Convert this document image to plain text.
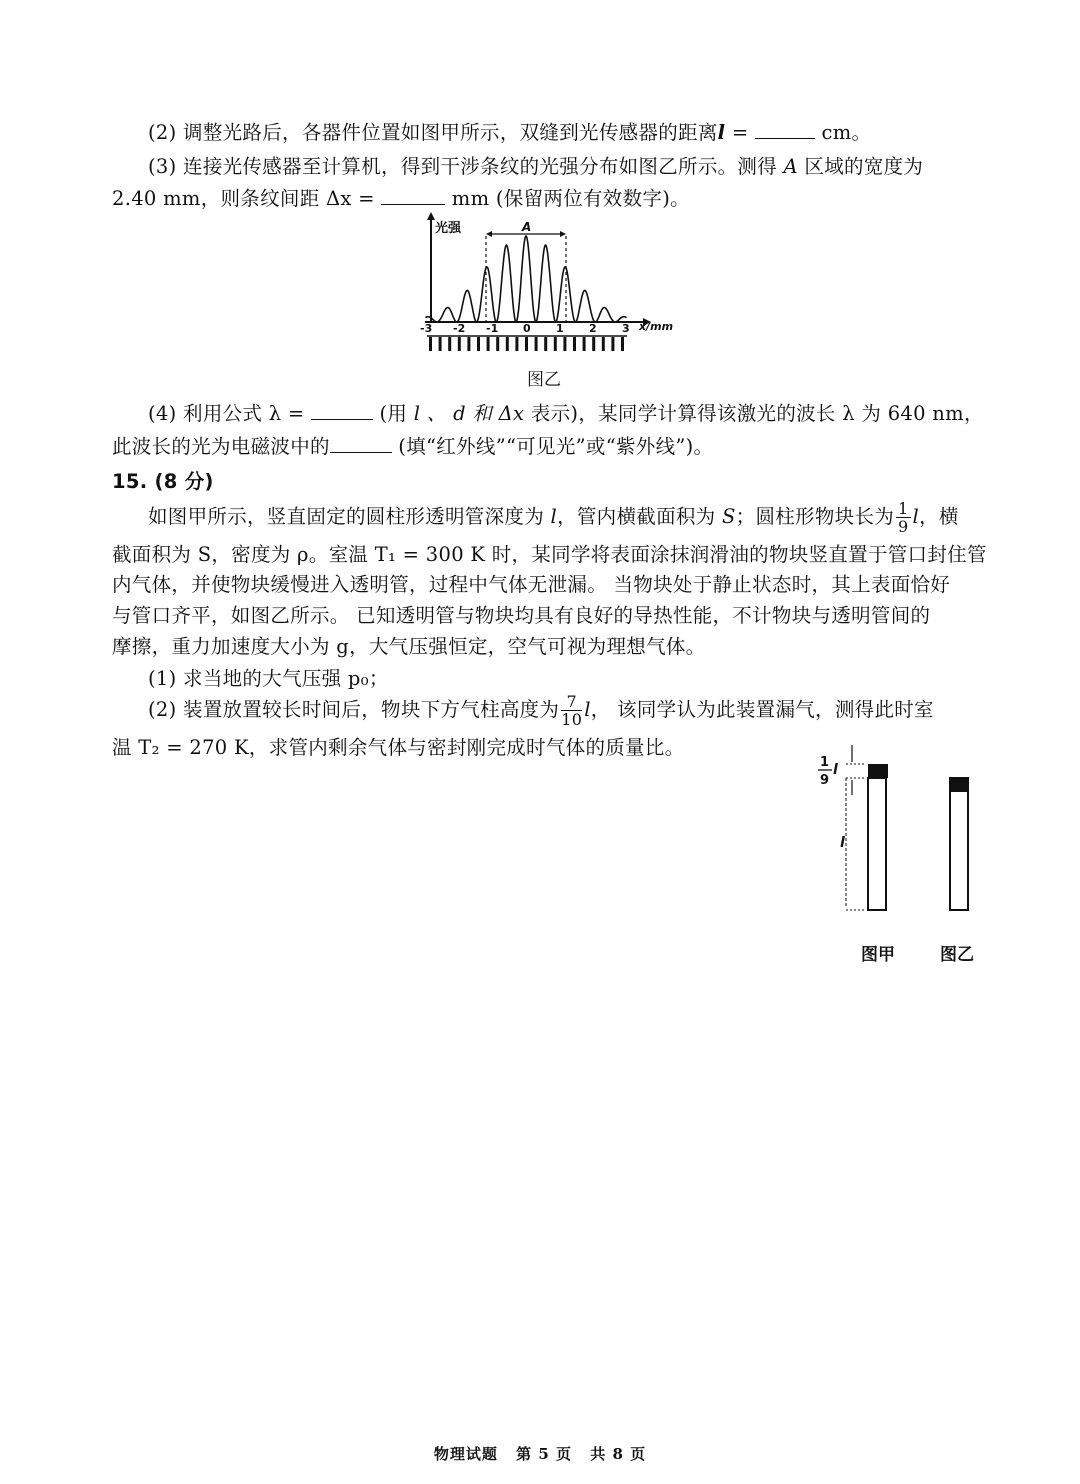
(2) 调整光路后，各器件位置如图甲所示，双缝到光传感器的距离l =	cm。
(3) 连接光传感器至计算机，得到干涉条纹的光强分布如图乙所示。测得 A 区域的宽度为
2.40 mm，则条纹间距 Δx =	mm (保留两位有效数字)。
光强
x/mm
A
-3 -2 -1 0 1 2 3
图乙
(4) 利用公式 λ =	(用 l 、 d 和 Δx 表示)，某同学计算得该激光的波长 λ 为 640 nm，
此波长的光为电磁波中的	(填“红外线”“可见光”或“紫外线”)。
15. (8 分)
如图甲所示，竖直固定的圆柱形透明管深度为 l，管内横截面积为 S；圆柱形物块长为 $\frac{1}{9}$ l，横
截面积为 S，密度为 ρ。室温 T₁ = 300 K 时，某同学将表面涂抹润滑油的物块竖直置于管口封住管
内气体，并使物块缓慢进入透明管，过程中气体无泄漏。 当物块处于静止状态时，其上表面恰好
与管口齐平，如图乙所示。 已知透明管与物块均具有良好的导热性能，不计物块与透明管间的
摩擦，重力加速度大小为 g，大气压强恒定，空气可视为理想气体。
(1) 求当地的大气压强 p₀；
(2) 装置放置较长时间后，物块下方气柱高度为 $\frac{7}{10}$ l， 该同学认为此装置漏气，测得此时室
温 T₂ = 270 K，求管内剩余气体与密封刚完成时气体的质量比。
1
9
l
l
图甲	图乙
物理试题 第 5 页 共 8 页
